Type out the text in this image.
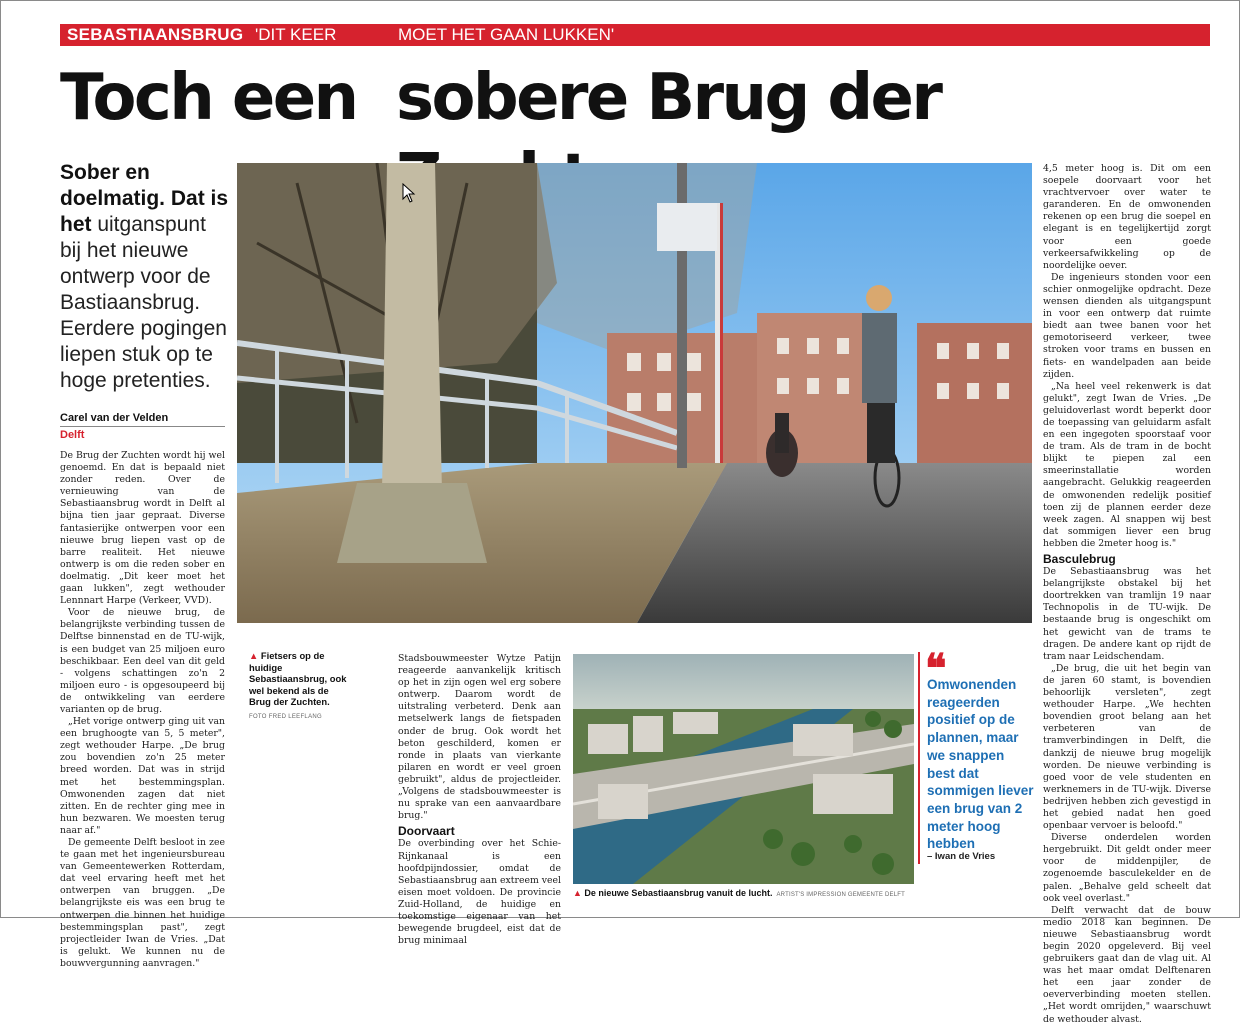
SEBASTIAANSBRUG 'DIT KEER	MOET HET GAAN LUKKEN'
Toch een sobere Brug der
Sober en doelmatig. Dat is het uitganspunt bij het nieuwe ontwerp voor de Bastiaansbrug. Eerdere pogingen liepen stuk op te hoge pretenties.
Carel van der Velden
Delft

De Brug der Zuchten wordt hij wel genoemd. En dat is bepaald niet zonder reden. Over de vernieuwing van de Sebastiaansbrug wordt in Delft al bijna tien jaar gepraat. Diverse fantasierijke ontwerpen voor een nieuwe brug liepen vast op de barre realiteit. Het nieuwe ontwerp is om die reden sober en doelmatig. „Dit keer moet het gaan lukken", zegt wethouder Lennnart Harpe (Verkeer, VVD).

Voor de nieuwe brug, de belangrijkste verbinding tussen de Delftse binnenstad en de TU-wijk, is een budget van 25 miljoen euro beschikbaar. Een deel van dit geld - volgens schattingen zo'n 2 miljoen euro - is opgesoupeerd bij de ontwikkeling van eerdere varianten op de brug.

„Het vorige ontwerp ging uit van een brughoogte van 5, 5 meter", zegt wethouder Harpe. „De brug zou bovendien zo'n 25 meter breed worden. Dat was in strijd met het bestemmingsplan. Omwonenden zagen dat niet zitten. En de rechter ging mee in hun bezwaren. We moesten terug naar af."

De gemeente Delft besloot in zee te gaan met het ingenieursbureau van Gemeentewerken Rotterdam, dat veel ervaring heeft met het ontwerpen van bruggen. „De belangrijkste eis was een brug te ontwerpen die binnen het huidige bestemmingsplan past", zegt projectleider Iwan de Vries. „Dat is gelukt. We kunnen nu de bouwvergunning aanvragen."

▲ Fietsers op de huidige Sebastiaansbrug, ook wel bekend als de Brug der Zuchten.
FOTO FRED LEEFLANG

Stadsbouwmeester Wytze Patijn reageerde aanvankelijk kritisch op het in zijn ogen wel erg sobere ontwerp. Daarom wordt de uitstraling verbeterd. Denk aan metselwerk langs de fietspaden onder de brug. Ook wordt het beton geschilderd, komen er ronde in plaats van vierkante pilaren en wordt er veel groen gebruikt", aldus de projectleider. „Volgens de stadsbouwmeester is nu sprake van een aanvaardbare brug."

Doorvaart

De overbinding over het Schie-Rijnkanaal is een hoofdpijndossier, omdat de Sebastiaansbrug aan extreem veel eisen moet voldoen. De provincie Zuid-Holland, de huidige en toekomstige eigenaar van het bewegende brugdeel, eist dat de brug minimaal

▲ De nieuwe Sebastiaansbrug vanuit de lucht. ARTIST'S IMPRESSION GEMEENTE DELFT
❝
Omwonenden reageerden positief op de plannen, maar we snappen best dat sommigen liever een brug van 2 meter hoog hebben
– Iwan de Vries

4,5 meter hoog is. Dit om een soepele doorvaart voor het vrachtvervoer over water te garanderen. En de omwonenden rekenen op een brug die soepel en elegant is en tegelijkertijd zorgt voor een goede verkeersafwikkeling op de noordelijke oever.

De ingenieurs stonden voor een schier onmogelijke opdracht. Deze wensen dienden als uitgangspunt in voor een ontwerp dat ruimte biedt aan twee banen voor het gemotoriseerd verkeer, twee stroken voor trams en bussen en fiets- en wandelpaden aan beide zijden.

„Na heel veel rekenwerk is dat gelukt", zegt Iwan de Vries. „De geluidoverlast wordt beperkt door de toepassing van geluidarm asfalt en een ingegoten spoorstaaf voor de tram. Als de tram in de bocht blijkt te piepen zal een smeerinstallatie worden aangebracht. Gelukkig reageerden de omwonenden redelijk positief toen zij de plannen eerder deze week zagen. Al snappen wij best dat sommigen liever een brug hebben die 2meter hoog is."

Basculebrug

De Sebastiaansbrug was het belangrijkste obstakel bij het doortrekken van tramlijn 19 naar Technopolis in de TU-wijk. De bestaande brug is ongeschikt om het gewicht van de trams te dragen. De andere kant op rijdt de tram naar Leidschendam.

„De brug, die uit het begin van de jaren 60 stamt, is bovendien behoorlijk versleten", zegt wethouder Harpe. „We hechten bovendien groot belang aan het verbeteren van de tramverbindingen in Delft, die dankzij de nieuwe brug mogelijk worden. De nieuwe verbinding is goed voor de vele studenten en werknemers in de TU-wijk. Diverse bedrijven hebben zich gevestigd in het gebied nadat hen goed openbaar vervoer is beloofd."

Diverse onderdelen worden hergebruikt. Dit geldt onder meer voor de middenpijler, de zogenoemde basculekelder en de palen. „Behalve geld scheelt dat ook veel overlast."

Delft verwacht dat de bouw medio 2018 kan beginnen. De nieuwe Sebastiaansbrug wordt begin 2020 opgeleverd. Bij veel gebruikers gaat dan de vlag uit. Al was het maar omdat Delftenaren het een jaar zonder de oeververbinding moeten stellen. „Het wordt omrijden," waarschuwt de wethouder alvast.
